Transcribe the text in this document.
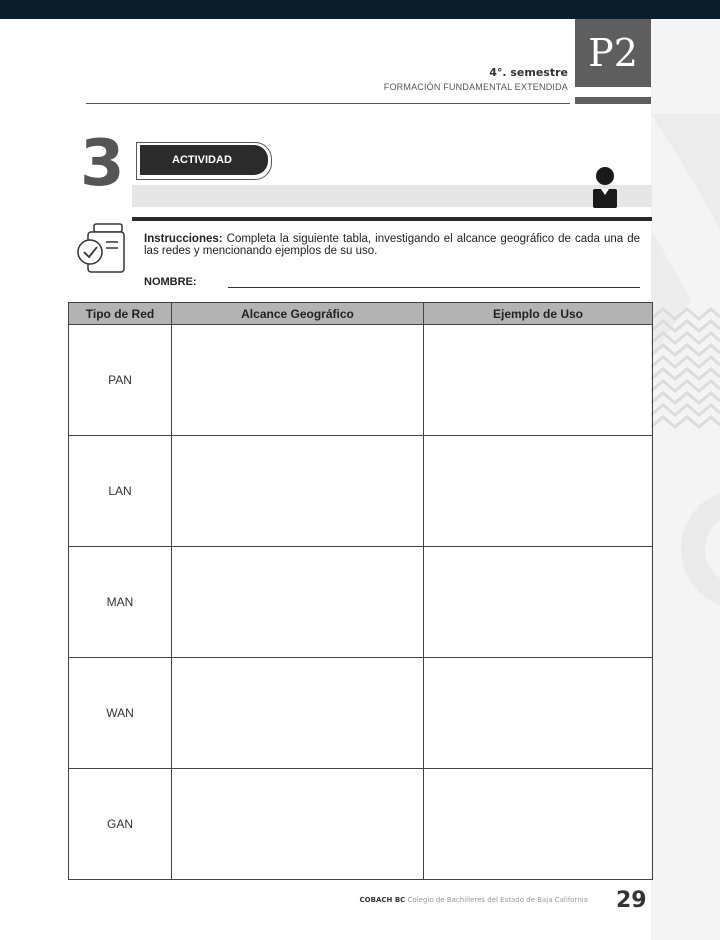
4°. semestre
FORMACIÓN FUNDAMENTAL EXTENDIDA
P2
3	ACTIVIDAD
Instrucciones: Completa la siguiente tabla, investigando el alcance geográfico de cada una de las redes y mencionando ejemplos de su uso.
NOMBRE:
Tipo de Red	Alcance Geográfico	Ejemplo de Uso
PAN		
LAN		
MAN		
WAN		
GAN		
COBACH BC Colegio de Bachilleres del Estado de Baja California 29
